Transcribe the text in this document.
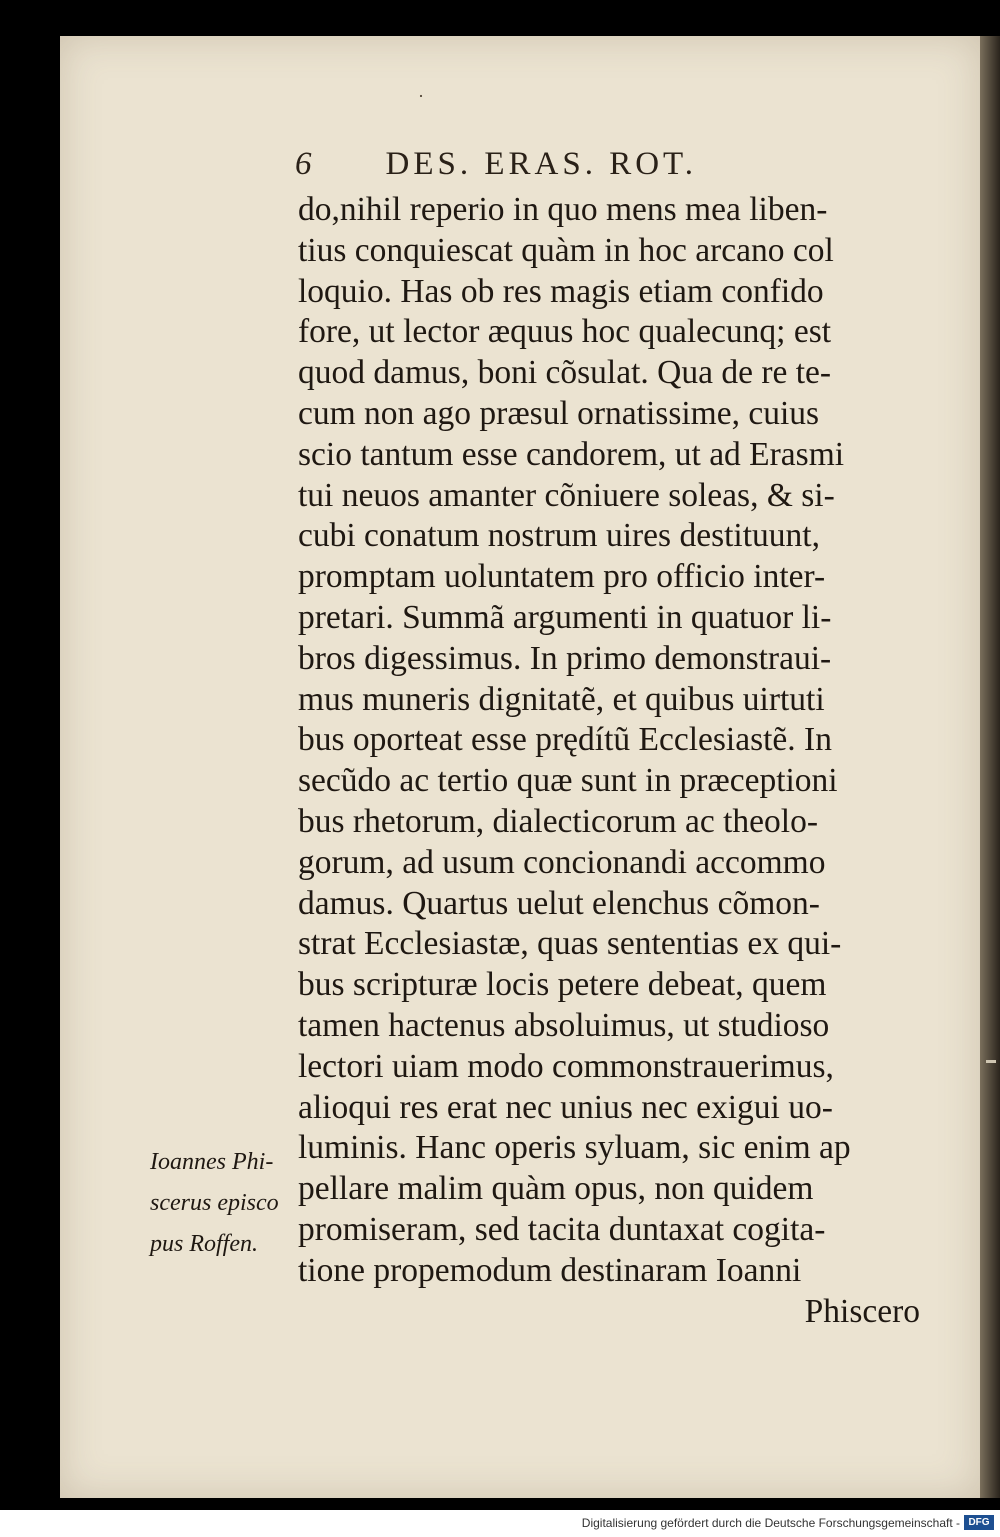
·
6 DES. ERAS. ROT.
do,nihil reperio in quo mens mea liben-
tius conquiescat quàm in hoc arcano col
loquio. Has ob res magis etiam confido
fore, ut lector æquus hoc qualecunq; est
quod damus, boni cõsulat. Qua de re te-
cum non ago præsul ornatissime, cuius
scio tantum esse candorem, ut ad Erasmi
tui neuos amanter cõniuere soleas, & si-
cubi conatum nostrum uires destituunt,
promptam uoluntatem pro officio inter-
pretari. Summã argumenti in quatuor li-
bros digessimus. In primo demonstraui-
mus muneris dignitatẽ, et quibus uirtuti
bus oporteat esse prędítũ Ecclesiastẽ. In
secũdo ac tertio quæ sunt in præceptioni
bus rhetorum, dialecticorum ac theolo-
gorum, ad usum concionandi accommo
damus. Quartus uelut elenchus cõmon-
strat Ecclesiastæ, quas sententias ex qui-
bus scripturæ locis petere debeat, quem
tamen hactenus absoluimus, ut studioso
lectori uiam modo commonstrauerimus,
alioqui res erat nec unius nec exigui uo-
luminis. Hanc operis syluam, sic enim ap
pellare malim quàm opus, non quidem
promiseram, sed tacita duntaxat cogita-
tione propemodum destinaram Ioanni
Phiscero
Ioannes Phi-
scerus episco
pus Roffen.
Digitalisierung gefördert durch die Deutsche Forschungsgemeinschaft - DFG
